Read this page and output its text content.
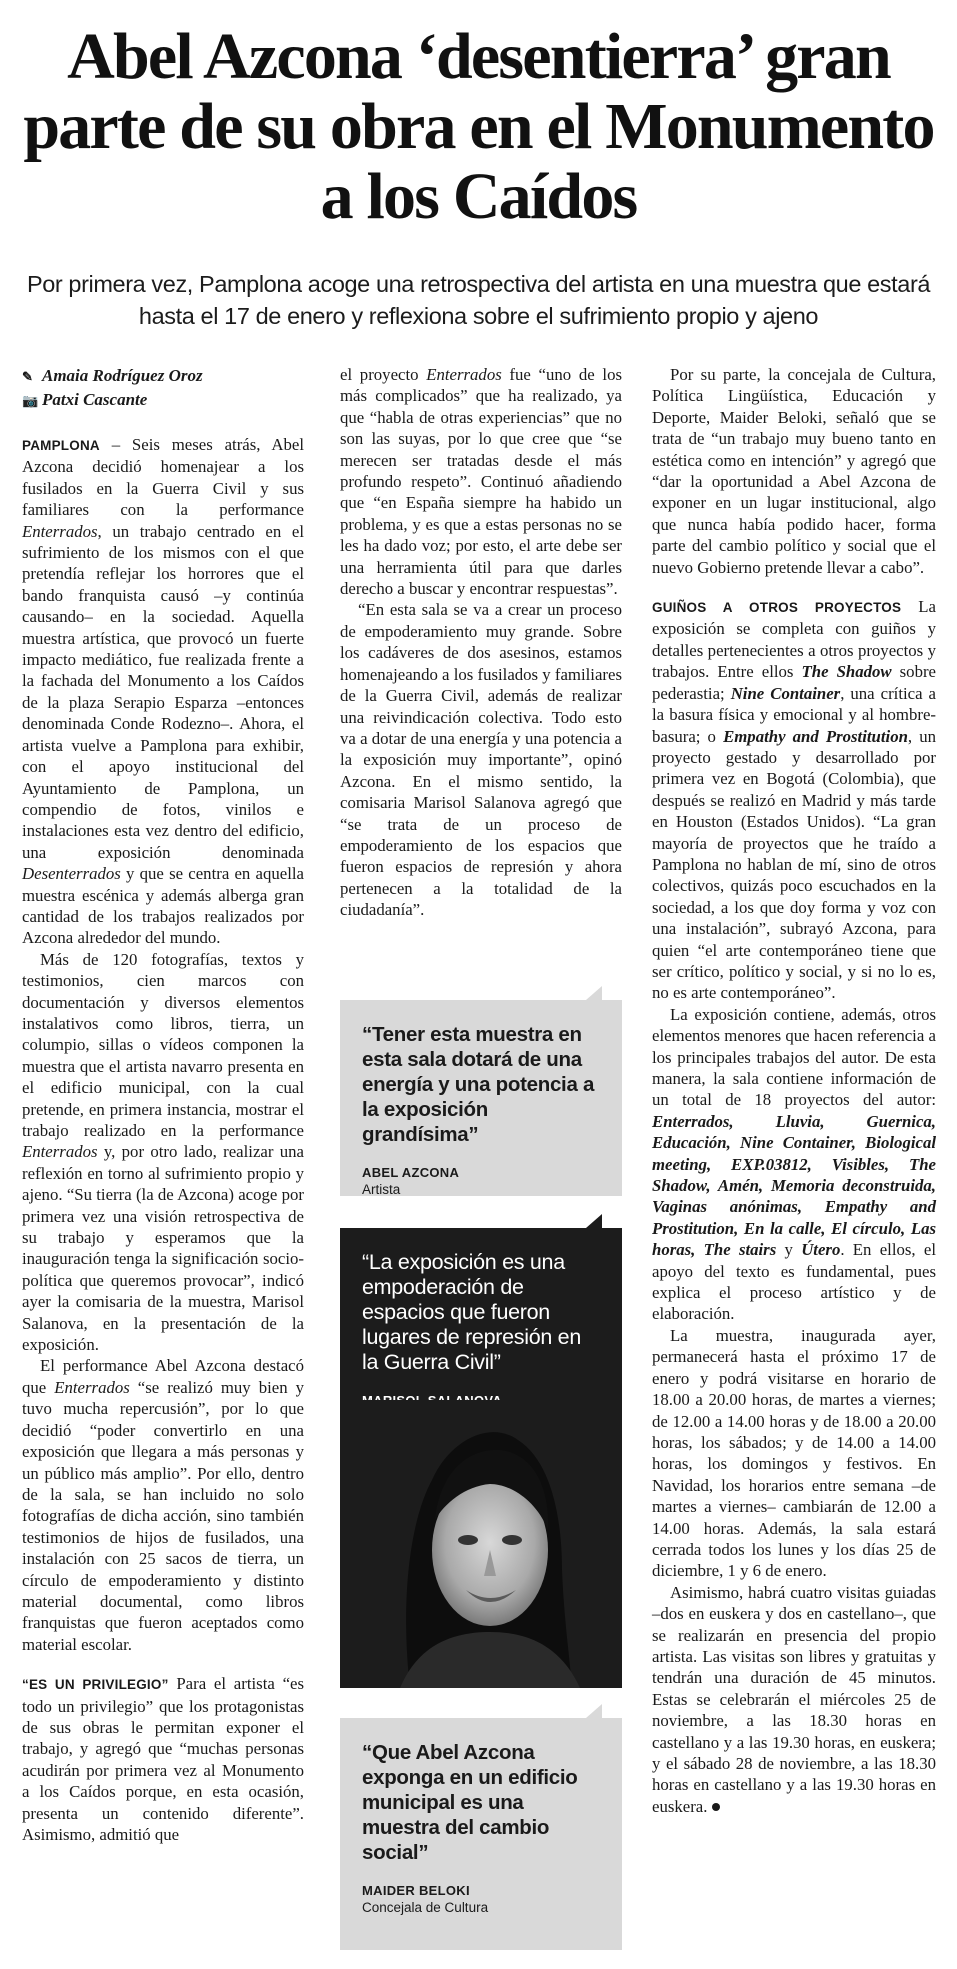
Abel Azcona ‘desentierra’ gran parte de su obra en el Monumento a los Caídos

Por primera vez, Pamplona acoge una retrospectiva del artista en una muestra que estará hasta el 17 de enero y reflexiona sobre el sufrimiento propio y ajeno

✎ Amaia Rodríguez Oroz
📷 Patxi Cascante

PAMPLONA – Seis meses atrás, Abel Azcona decidió homenajear a los fusilados en la Guerra Civil y sus familiares con la performance Enterrados, un trabajo centrado en el sufrimiento de los mismos con el que pretendía reflejar los horrores que el bando franquista causó –y continúa causando– en la sociedad. Aquella muestra artística, que provocó un fuerte impacto mediático, fue realizada frente a la fachada del Monumento a los Caídos de la plaza Serapio Esparza –entonces denominada Conde Rodezno–. Ahora, el artista vuelve a Pamplona para exhibir, con el apoyo institucional del Ayuntamiento de Pamplona, un compendio de fotos, vinilos e instalaciones esta vez dentro del edificio, una exposición denominada Desenterrados y que se centra en aquella muestra escénica y además alberga gran cantidad de los trabajos realizados por Azcona alrededor del mundo.

Más de 120 fotografías, textos y testimonios, cien marcos con documentación y diversos elementos instalativos como libros, tierra, un columpio, sillas o vídeos componen la muestra que el artista navarro presenta en el edificio municipal, con la cual pretende, en primera instancia, mostrar el trabajo realizado en la performance Enterrados y, por otro lado, realizar una reflexión en torno al sufrimiento propio y ajeno. “Su tierra (la de Azcona) acoge por primera vez una visión retrospectiva de su trabajo y esperamos que la inauguración tenga la significación socio-política que queremos provocar”, indicó ayer la comisaria de la muestra, Marisol Salanova, en la presentación de la exposición.

El performance Abel Azcona destacó que Enterrados “se realizó muy bien y tuvo mucha repercusión”, por lo que decidió “poder convertirlo en una exposición que llegara a más personas y un público más amplio”. Por ello, dentro de la sala, se han incluido no solo fotografías de dicha acción, sino también testimonios de hijos de fusilados, una instalación con 25 sacos de tierra, un círculo de empoderamiento y distinto material documental, como libros franquistas que fueron aceptados como material escolar.

“ES UN PRIVILEGIO” Para el artista “es todo un privilegio” que los protagonistas de sus obras le permitan exponer el trabajo, y agregó que “muchas personas acudirán por primera vez al Monumento a los Caídos porque, en esta ocasión, presenta un contenido diferente”. Asimismo, admitió que

el proyecto Enterrados fue “uno de los más complicados” que ha realizado, ya que “habla de otras experiencias” que no son las suyas, por lo que cree que “se merecen ser tratadas desde el más profundo respeto”. Continuó añadiendo que “en España siempre ha habido un problema, y es que a estas personas no se les ha dado voz; por esto, el arte debe ser una herramienta útil para que darles derecho a buscar y encontrar respuestas”.

“En esta sala se va a crear un proceso de empoderamiento muy grande. Sobre los cadáveres de dos asesinos, estamos homenajeando a los fusilados y familiares de la Guerra Civil, además de realizar una reivindicación colectiva. Todo esto va a dotar de una energía y una potencia a la exposición muy importante”, opinó Azcona. En el mismo sentido, la comisaria Marisol Salanova agregó que “se trata de un proceso de empoderamiento de los espacios que fueron espacios de represión y ahora pertenecen a la totalidad de la ciudadanía”.

“Tener esta muestra en esta sala dotará de una energía y una potencia a la exposición grandísima”

ABEL AZCONA

Artista

“La exposición es una empoderación de espacios que fueron lugares de represión en la Guerra Civil”

“Que Abel Azcona exponga en un edificio municipal es una muestra del cambio social”

MAIDER BELOKI

Concejala de Cultura

Por su parte, la concejala de Cultura, Política Lingüística, Educación y Deporte, Maider Beloki, señaló que se trata de “un trabajo muy bueno tanto en estética como en intención” y agregó que “dar la oportunidad a Abel Azcona de exponer en un lugar institucional, algo que nunca había podido hacer, forma parte del cambio político y social que el nuevo Gobierno pretende llevar a cabo”.

GUIÑOS A OTROS PROYECTOS La exposición se completa con guiños y detalles pertenecientes a otros proyectos y trabajos. Entre ellos The Shadow sobre pederastia; Nine Container, una crítica a la basura física y emocional y al hombre-basura; o Empathy and Prostitution, un proyecto gestado y desarrollado por primera vez en Bogotá (Colombia), que después se realizó en Madrid y más tarde en Houston (Estados Unidos). “La gran mayoría de proyectos que he traído a Pamplona no hablan de mí, sino de otros colectivos, quizás poco escuchados en la sociedad, a los que doy forma y voz con una instalación”, subrayó Azcona, para quien “el arte contemporáneo tiene que ser crítico, político y social, y si no lo es, no es arte contemporáneo”.

La exposición contiene, además, otros elementos menores que hacen referencia a los principales trabajos del autor. De esta manera, la sala contiene información de un total de 18 proyectos del autor: Enterrados, Lluvia, Guernica, Educación, Nine Container, Biological meeting, EXP.03812, Visibles, The Shadow, Amén, Memoria deconstruida, Vaginas anónimas, Empathy and Prostitution, En la calle, El círculo, Las horas, The stairs y Útero. En ellos, el apoyo del texto es fundamental, pues explica el proceso artístico y de elaboración.

La muestra, inaugurada ayer, permanecerá hasta el próximo 17 de enero y podrá visitarse en horario de 18.00 a 20.00 horas, de martes a viernes; de 12.00 a 14.00 horas y de 18.00 a 20.00 horas, los sábados; y de 14.00 a 14.00 horas, los domingos y festivos. En Navidad, los horarios entre semana –de martes a viernes– cambiarán de 12.00 a 14.00 horas. Además, la sala estará cerrada todos los lunes y los días 25 de diciembre, 1 y 6 de enero.

Asimismo, habrá cuatro visitas guiadas –dos en euskera y dos en castellano–, que se realizarán en presencia del propio artista. Las visitas son libres y gratuitas y tendrán una duración de 45 minutos. Estas se celebrarán el miércoles 25 de noviembre, a las 18.30 horas en castellano y a las 19.30 horas, en euskera; y el sábado 28 de noviembre, a las 18.30 horas en castellano y a las 19.30 horas en euskera.
